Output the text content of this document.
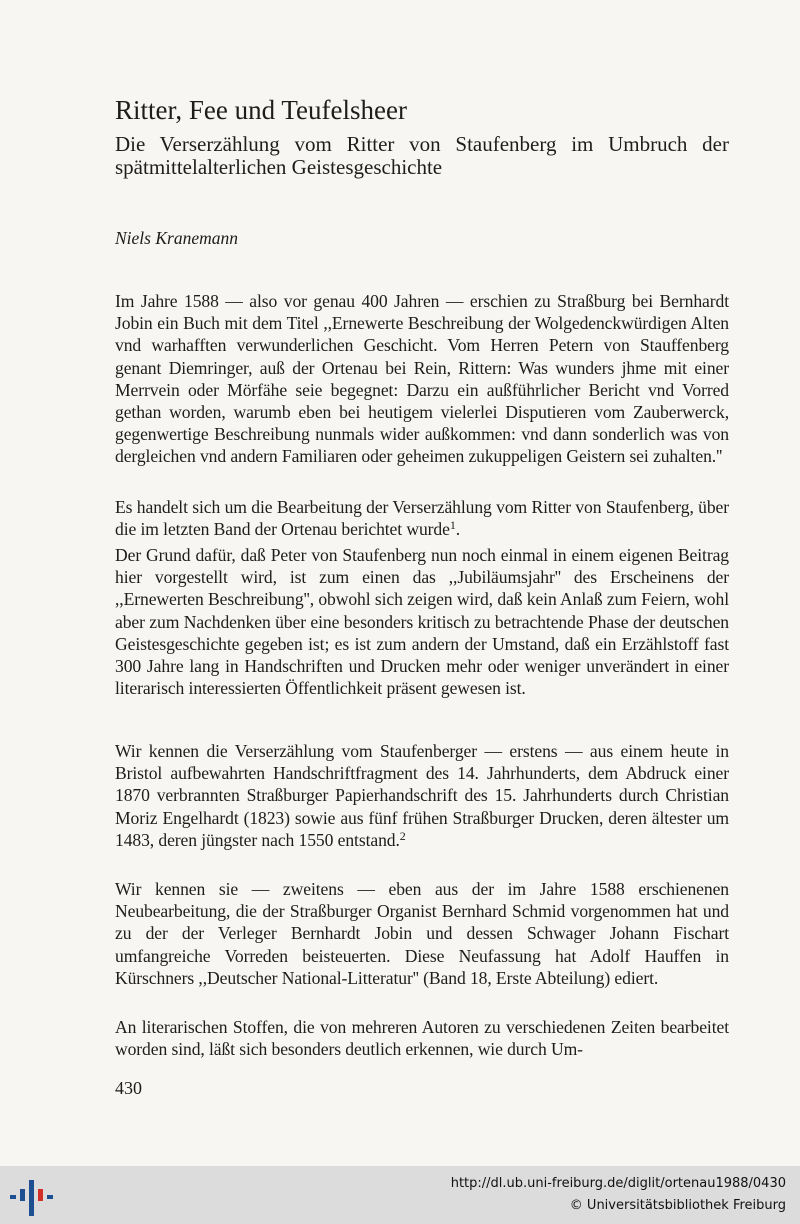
Ritter, Fee und Teufelsheer
Die Verserzählung vom Ritter von Staufenberg im Umbruch der spätmittelalterlichen Geistesgeschichte
Niels Kranemann

Im Jahre 1588 — also vor genau 400 Jahren — erschien zu Straßburg bei Bernhardt Jobin ein Buch mit dem Titel ,,Ernewerte Beschreibung der Wolgedenckwürdigen Alten vnd warhafften verwunderlichen Geschicht. Vom Herren Petern von Stauffenberg genant Diemringer, auß der Ortenau bei Rein, Rittern: Was wunders jhme mit einer Merrvein oder Mörfähe seie begegnet: Darzu ein außführlicher Bericht vnd Vorred gethan worden, warumb eben bei heutigem vielerlei Disputieren vom Zauberwerck, gegenwertige Beschreibung nunmals wider außkommen: vnd dann sonderlich was von dergleichen vnd andern Familiaren oder geheimen zukuppeligen Geistern sei zuhalten.''

Es handelt sich um die Bearbeitung der Verserzählung vom Ritter von Staufenberg, über die im letzten Band der Ortenau berichtet wurde$^1$.

Der Grund dafür, daß Peter von Staufenberg nun noch einmal in einem eigenen Beitrag hier vorgestellt wird, ist zum einen das ,,Jubiläumsjahr'' des Erscheinens der ,,Ernewerten Beschreibung'', obwohl sich zeigen wird, daß kein Anlaß zum Feiern, wohl aber zum Nachdenken über eine besonders kritisch zu betrachtende Phase der deutschen Geistesgeschichte gegeben ist; es ist zum andern der Umstand, daß ein Erzählstoff fast 300 Jahre lang in Handschriften und Drucken mehr oder weniger unverändert in einer literarisch interessierten Öffentlichkeit präsent gewesen ist.

Wir kennen die Verserzählung vom Staufenberger — erstens — aus einem heute in Bristol aufbewahrten Handschriftfragment des 14. Jahrhunderts, dem Abdruck einer 1870 verbrannten Straßburger Papierhandschrift des 15. Jahrhunderts durch Christian Moriz Engelhardt (1823) sowie aus fünf frühen Straßburger Drucken, deren ältester um 1483, deren jüngster nach 1550 entstand.$^2$

Wir kennen sie — zweitens — eben aus der im Jahre 1588 erschienenen Neubearbeitung, die der Straßburger Organist Bernhard Schmid vorgenommen hat und zu der der Verleger Bernhardt Jobin und dessen Schwager Johann Fischart umfangreiche Vorreden beisteuerten. Diese Neufassung hat Adolf Hauffen in Kürschners ,,Deutscher National-Litteratur'' (Band 18, Erste Abteilung) ediert.

An literarischen Stoffen, die von mehreren Autoren zu verschiedenen Zeiten bearbeitet worden sind, läßt sich besonders deutlich erkennen, wie durch Um-

430
http://dl.ub.uni-freiburg.de/diglit/ortenau1988/0430
© Universitätsbibliothek Freiburg
